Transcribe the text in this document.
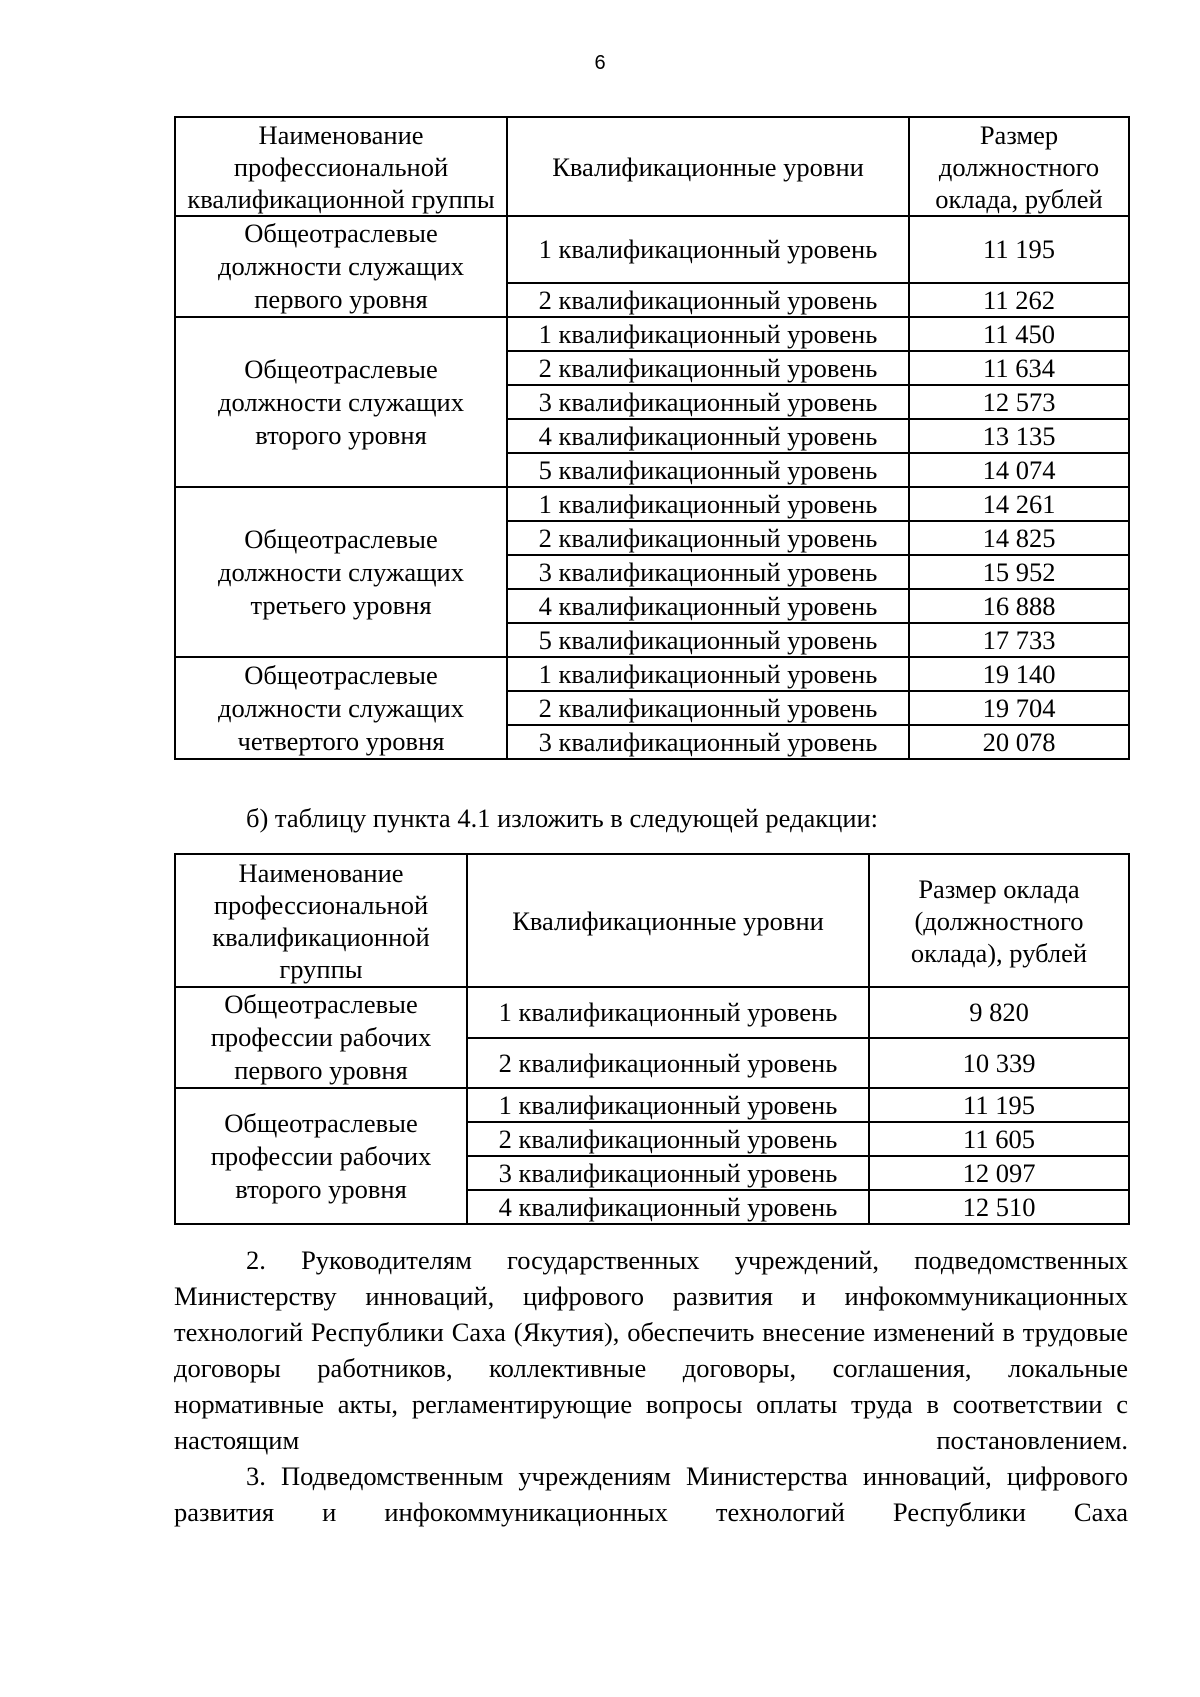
6
Наименование
профессиональной
квалификационной группы	Квалификационные уровни	Размер
должностного
оклада, рублей
Общеотраслевые
должности служащих
первого уровня	1 квалификационный уровень	11 195
	2 квалификационный уровень	11 262
Общеотраслевые
должности служащих
второго уровня	1 квалификационный уровень	11 450
	2 квалификационный уровень	11 634
	3 квалификационный уровень	12 573
	4 квалификационный уровень	13 135
	5 квалификационный уровень	14 074
Общеотраслевые
должности служащих
третьего уровня	1 квалификационный уровень	14 261
	2 квалификационный уровень	14 825
	3 квалификационный уровень	15 952
	4 квалификационный уровень	16 888
	5 квалификационный уровень	17 733
Общеотраслевые
должности служащих
четвертого уровня	1 квалификационный уровень	19 140
	2 квалификационный уровень	19 704
	3 квалификационный уровень	20 078

б) таблицу пункта 4.1 изложить в следующей редакции:

Наименование
профессиональной
квалификационной
группы	Квалификационные уровни	Размер оклада
(должностного
оклада), рублей
Общеотраслевые
профессии рабочих
первого уровня	1 квалификационный уровень	9 820
	2 квалификационный уровень	10 339
Общеотраслевые
профессии рабочих
второго уровня	1 квалификационный уровень	11 195
	2 квалификационный уровень	11 605
	3 квалификационный уровень	12 097
	4 квалификационный уровень	12 510

2. Руководителям государственных учреждений, подведомственных Министерству инноваций, цифрового развития и инфокоммуникационных технологий Республики Саха (Якутия), обеспечить внесение изменений в трудовые договоры работников, коллективные договоры, соглашения, локальные нормативные акты, регламентирующие вопросы оплаты труда в соответствии с настоящим постановлением.

3. Подведомственным учреждениям Министерства инноваций, цифрового развития и инфокоммуникационных технологий Республики Саха
